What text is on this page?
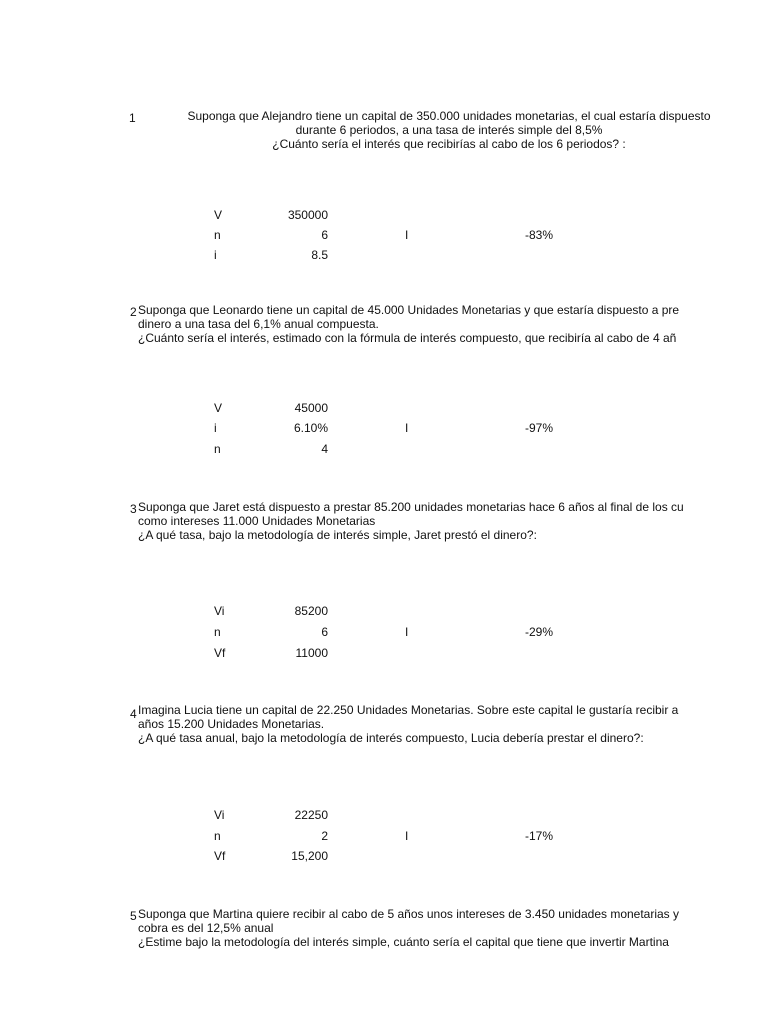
1	Suponga que Alejandro tiene un capital de 350.000 unidades monetarias, el cual estaría dispuesto
durante 6 periodos, a una tasa de interés simple del 8,5%
¿Cuánto sería el interés que recibirías al cabo de los 6 periodos? :
V	350000
n	6	I	-83%
i	8.5
2 Suponga que Leonardo tiene un capital de 45.000 Unidades Monetarias y que estaría dispuesto a pre
dinero a una tasa del 6,1% anual compuesta.
¿Cuánto sería el interés, estimado con la fórmula de interés compuesto, que recibiría al cabo de 4 añ
V	45000
i	6.10%	I	-97%
n	4
3 Suponga que Jaret está dispuesto a prestar 85.200 unidades monetarias hace 6 años al final de los cu
como intereses 11.000 Unidades Monetarias
¿A qué tasa, bajo la metodología de interés simple, Jaret prestó el dinero?:
Vi	85200
n	6	I	-29%
Vf	11000
4 Imagina Lucia tiene un capital de 22.250 Unidades Monetarias. Sobre este capital le gustaría recibir a
años 15.200 Unidades Monetarias.
¿A qué tasa anual, bajo la metodología de interés compuesto, Lucia debería prestar el dinero?:
Vi	22250
n	2	I	-17%
Vf	15,200
5 Suponga que Martina quiere recibir al cabo de 5 años unos intereses de 3.450 unidades monetarias y
cobra es del 12,5% anual
¿Estime bajo la metodología del interés simple, cuánto sería el capital que tiene que invertir Martina
